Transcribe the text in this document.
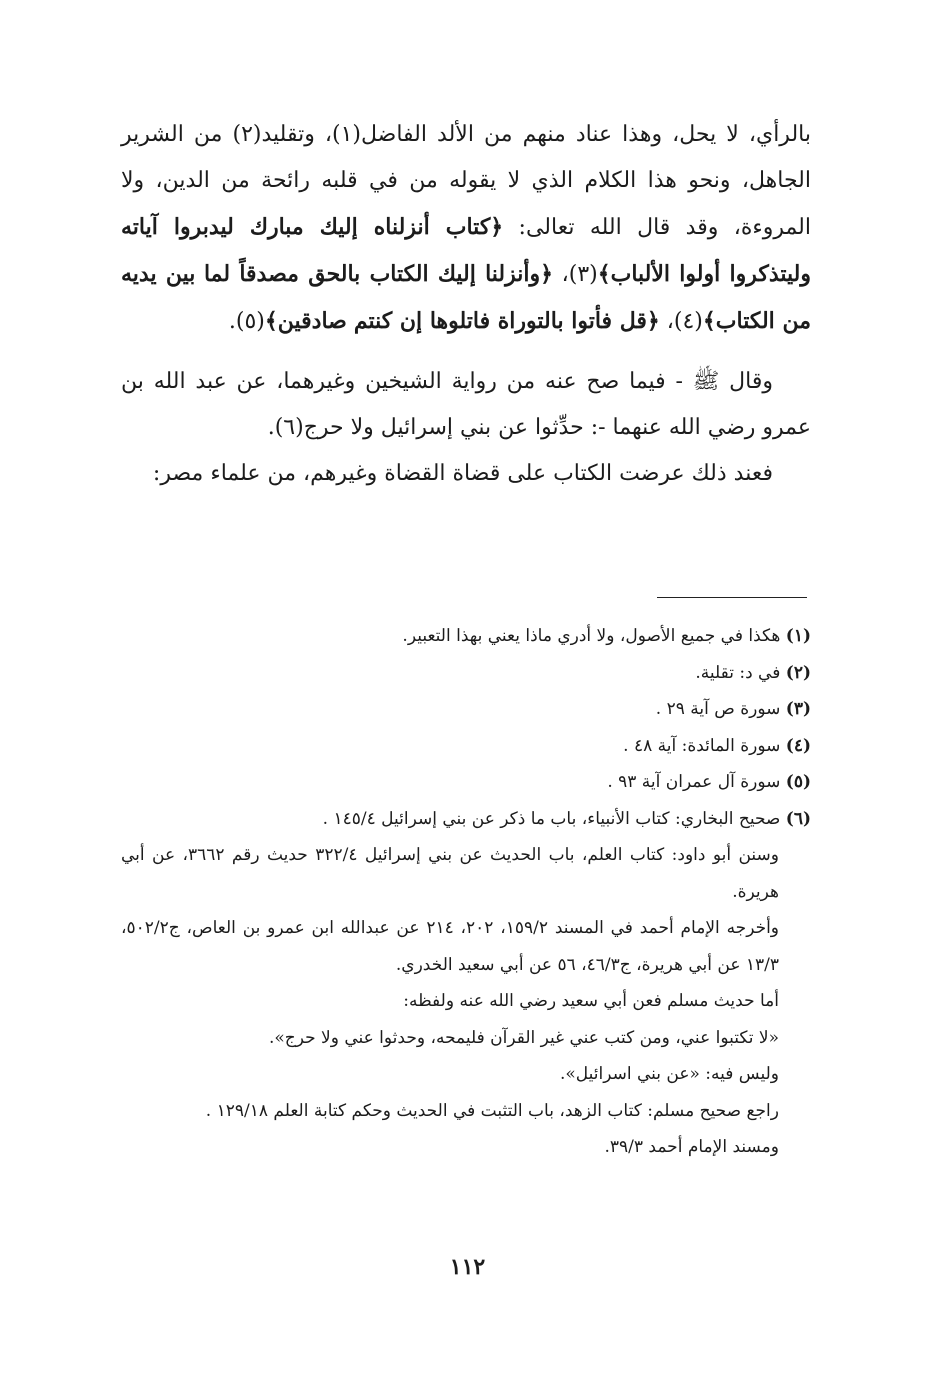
بالرأي، لا يحل، وهذا عناد منهم من الألد الفاضل(١)، وتقليد(٢) من الشرير الجاهل، ونحو هذا الكلام الذي لا يقوله من في قلبه رائحة من الدين، ولا المروءة، وقد قال الله تعالى: ﴿كتاب أنزلناه إليك مبارك ليدبروا آياته وليتذكروا أولوا الألباب﴾(٣)، ﴿وأنزلنا إليك الكتاب بالحق مصدقاً لما بين يديه من الكتاب﴾(٤)، ﴿قل فأتوا بالتوراة فاتلوها إن كنتم صادقين﴾(٥).

وقال ﷺ - فيما صح عنه من رواية الشيخين وغيرهما، عن عبد الله بن عمرو رضي الله عنهما -: حدِّثوا عن بني إسرائيل ولا حرج(٦).

فعند ذلك عرضت الكتاب على قضاة القضاة وغيرهم، من علماء مصر:

(١) هكذا في جميع الأصول، ولا أدري ماذا يعني بهذا التعبير.

(٢) في د: تقلية.

(٣) سورة ص آية ٢٩ .

(٤) سورة المائدة: آية ٤٨ .

(٥) سورة آل عمران آية ٩٣ .

(٦) صحيح البخاري: كتاب الأنبياء، باب ما ذكر عن بني إسرائيل ١٤٥/٤ .

وسنن أبو داود: كتاب العلم، باب الحديث عن بني إسرائيل ٣٢٢/٤ حديث رقم ٣٦٦٢، عن أبي هريرة.

وأخرجه الإمام أحمد في المسند ١٥٩/٢، ٢٠٢، ٢١٤ عن عبدالله ابن عمرو بن العاص، ج٥٠٢/٢، ١٣/٣ عن أبي هريرة، ج٤٦/٣، ٥٦ عن أبي سعيد الخدري.

أما حديث مسلم فعن أبي سعيد رضي الله عنه ولفظه:

«لا تكتبوا عني، ومن كتب عني غير القرآن فليمحه، وحدثوا عني ولا حرج».

وليس فيه: «عن بني اسرائيل».

راجع صحيح مسلم: كتاب الزهد، باب التثبت في الحديث وحكم كتابة العلم ١٢٩/١٨ .

ومسند الإمام أحمد ٣٩/٣.

١١٢
